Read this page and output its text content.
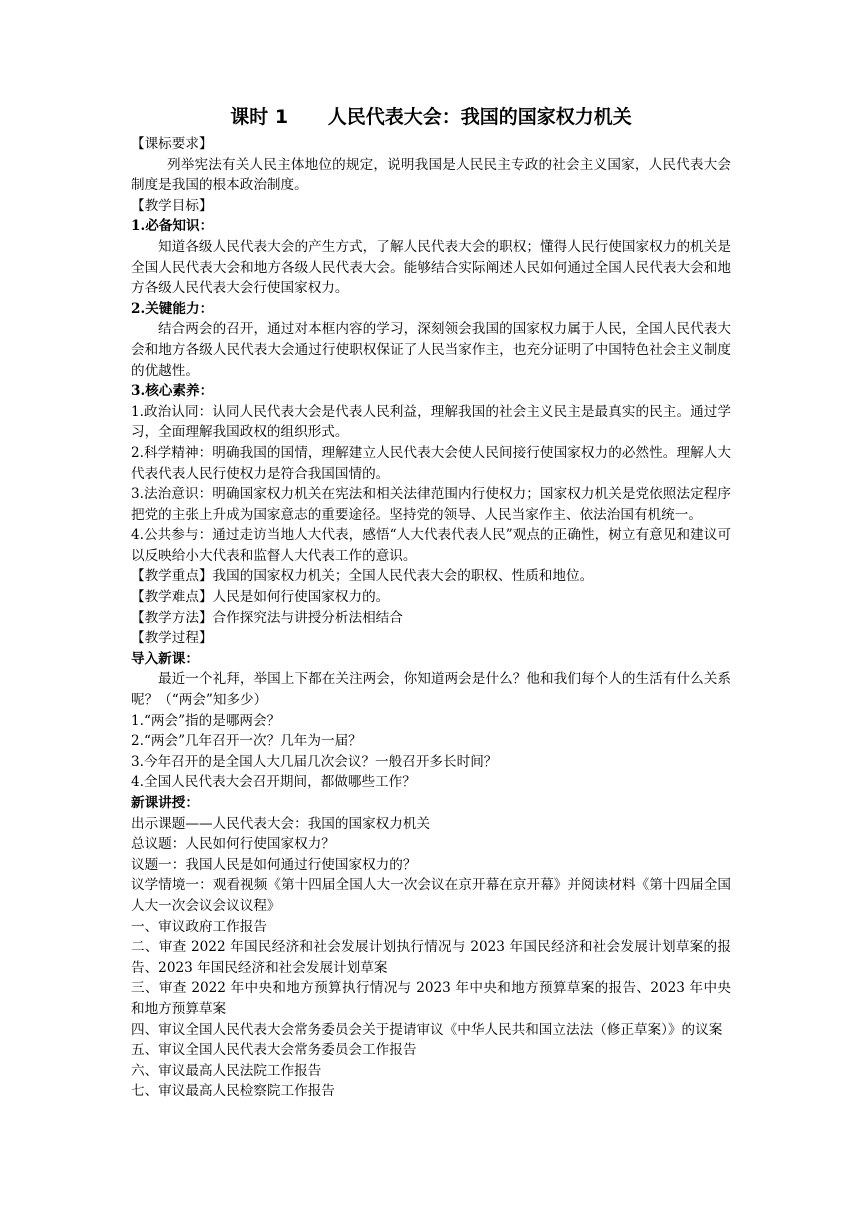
课时 1      人民代表大会：我国的国家权力机关

【课标要求】

列举宪法有关人民主体地位的规定，说明我国是人民民主专政的社会主义国家，人民代表大会制度是我国的根本政治制度。

【教学目标】

1.必备知识：

知道各级人民代表大会的产生方式，了解人民代表大会的职权；懂得人民行使国家权力的机关是全国人民代表大会和地方各级人民代表大会。能够结合实际阐述人民如何通过全国人民代表大会和地方各级人民代表大会行使国家权力。

2.关键能力：

结合两会的召开，通过对本框内容的学习，深刻领会我国的国家权力属于人民，全国人民代表大会和地方各级人民代表大会通过行使职权保证了人民当家作主，也充分证明了中国特色社会主义制度的优越性。

3.核心素养：

1.政治认同：认同人民代表大会是代表人民利益，理解我国的社会主义民主是最真实的民主。通过学习，全面理解我国政权的组织形式。

2.科学精神：明确我国的国情，理解建立人民代表大会使人民间接行使国家权力的必然性。理解人大代表代表人民行使权力是符合我国国情的。

3.法治意识：明确国家权力机关在宪法和相关法律范围内行使权力；国家权力机关是党依照法定程序把党的主张上升成为国家意志的重要途径。坚持党的领导、人民当家作主、依法治国有机统一。

4.公共参与：通过走访当地人大代表，感悟“人大代表代表人民”观点的正确性，树立有意见和建议可以反映给小大代表和监督人大代表工作的意识。

【教学重点】我国的国家权力机关；全国人民代表大会的职权、性质和地位。

【教学难点】人民是如何行使国家权力的。

【教学方法】合作探究法与讲授分析法相结合

【教学过程】

导入新课：

最近一个礼拜，举国上下都在关注两会，你知道两会是什么？他和我们每个人的生活有什么关系呢？（“两会”知多少）

1.“两会”指的是哪两会？

2.“两会”几年召开一次？几年为一届？

3.今年召开的是全国人大几届几次会议？一般召开多长时间？

4.全国人民代表大会召开期间，都做哪些工作？

新课讲授：

出示课题——人民代表大会：我国的国家权力机关

总议题：人民如何行使国家权力？

议题一：我国人民是如何通过行使国家权力的？

议学情境一：观看视频《第十四届全国人大一次会议在京开幕在京开幕》并阅读材料《第十四届全国人大一次会议会议议程》

一、审议政府工作报告

二、审查 2022 年国民经济和社会发展计划执行情况与 2023 年国民经济和社会发展计划草案的报告、2023 年国民经济和社会发展计划草案

三、审查 2022 年中央和地方预算执行情况与 2023 年中央和地方预算草案的报告、2023 年中央和地方预算草案

四、审议全国人民代表大会常务委员会关于提请审议《中华人民共和国立法法（修正草案）》的议案

五、审议全国人民代表大会常务委员会工作报告

六、审议最高人民法院工作报告

七、审议最高人民检察院工作报告
